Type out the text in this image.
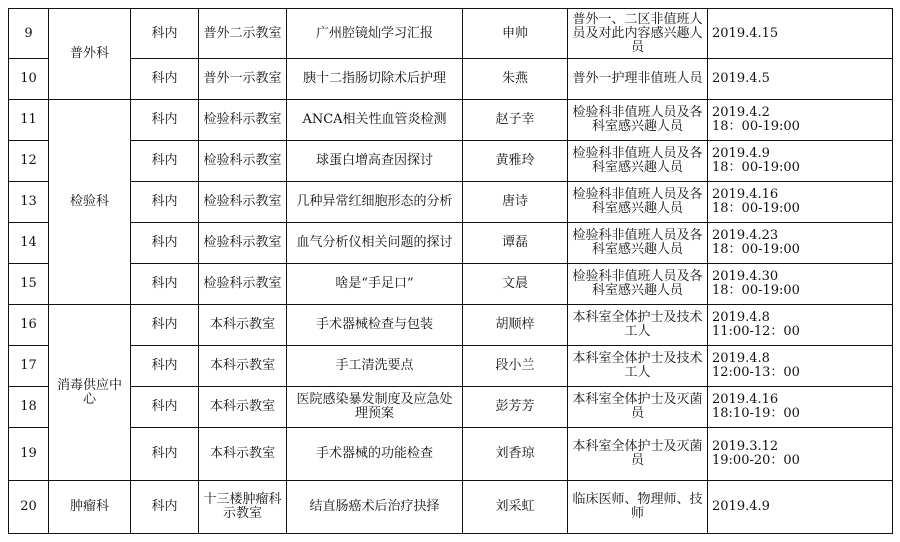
9	普外科	科内	普外二示教室	广州腔镜灿学习汇报	申帅	普外一、二区非值班人员及对此内容感兴趣人员	2019.4.15
10		科内	普外一示教室	胰十二指肠切除术后护理	朱燕	普外一护理非值班人员	2019.4.5
11	检验科	科内	检验科示教室	ANCA相关性血管炎检测	赵子幸	检验科非值班人员及各科室感兴趣人员	2019.4.2
18：00-19:00
12		科内	检验科示教室	球蛋白增高查因探讨	黄雅玲	检验科非值班人员及各科室感兴趣人员	2019.4.9
18：00-19:00
13		科内	检验科示教室	几种异常红细胞形态的分析	唐诗	检验科非值班人员及各科室感兴趣人员	2019.4.16
18：00-19:00
14		科内	检验科示教室	血气分析仪相关问题的探讨	谭磊	检验科非值班人员及各科室感兴趣人员	2019.4.23
18：00-19:00
15		科内	检验科示教室	啥是“手足口”	文晨	检验科非值班人员及各科室感兴趣人员	2019.4.30
18：00-19:00
16	消毒供应中心	科内	本科示教室	手术器械检查与包装	胡顺梓	本科室全体护士及技术工人	2019.4.8
11:00-12：00
17		科内	本科示教室	手工清洗要点	段小兰	本科室全体护士及技术工人	2019.4.8
12:00-13：00
18		科内	本科示教室	医院感染暴发制度及应急处理预案	彭芳芳	本科室全体护士及灭菌员	2019.4.16
18:10-19：00
19		科内	本科示教室	手术器械的功能检查	刘香琼	本科室全体护士及灭菌员	2019.3.12
19:00-20：00
20	肿瘤科	科内	十三楼肿瘤科示教室	结直肠癌术后治疗抉择	刘采虹	临床医师、物理师、技师	2019.4.9
